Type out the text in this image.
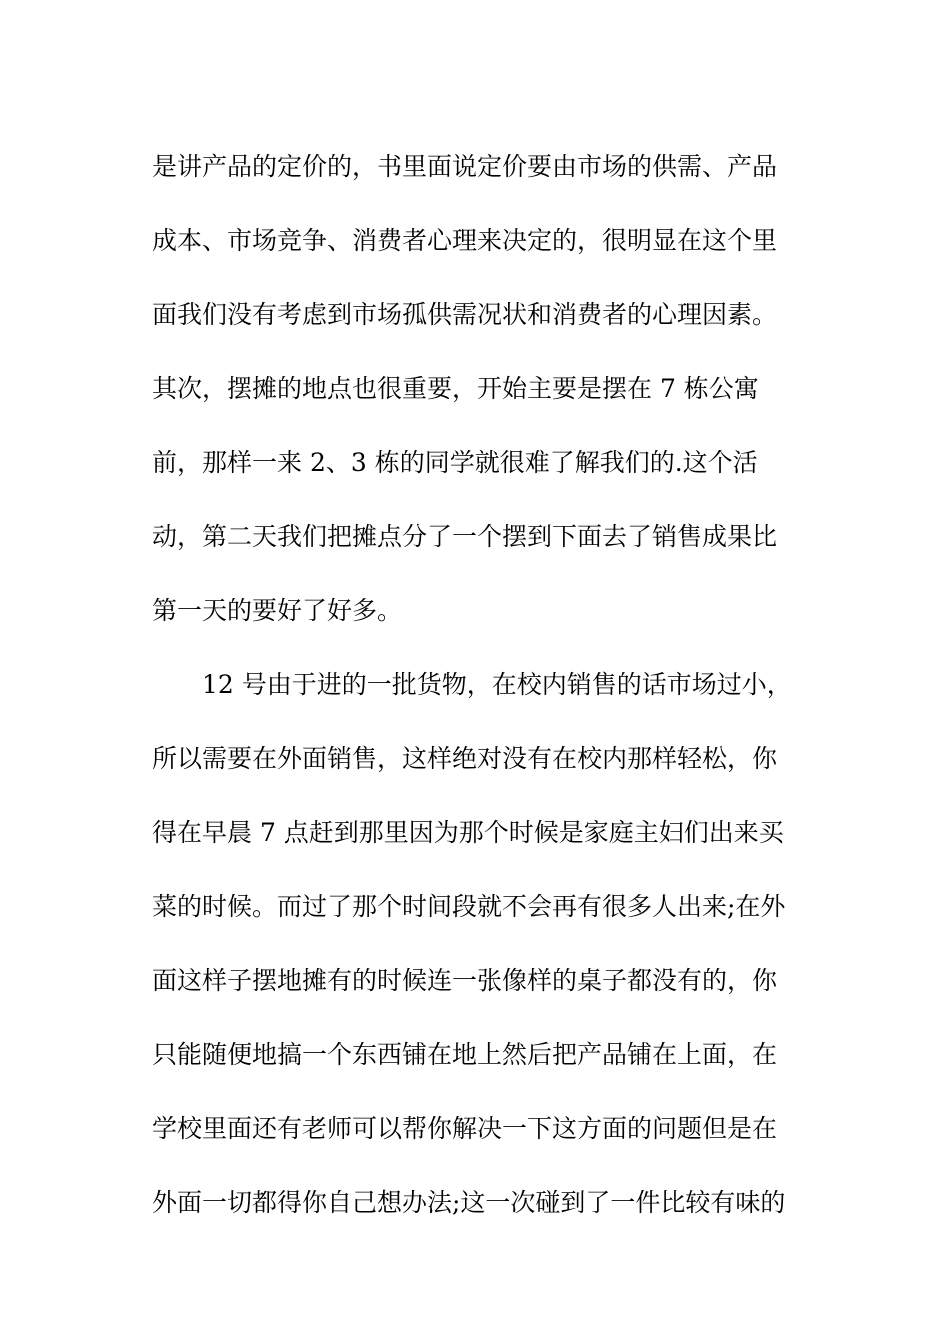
是讲产品的定价的，书里面说定价要由市场的供需、产品
成本、市场竞争、消费者心理来决定的，很明显在这个里
面我们没有考虑到市场孤供需况状和消费者的心理因素。
其次，摆摊的地点也很重要，开始主要是摆在 7 栋公寓
前，那样一来 2、3 栋的同学就很难了解我们的.这个活
动，第二天我们把摊点分了一个摆到下面去了销售成果比
第一天的要好了好多。
12 号由于进的一批货物，在校内销售的话市场过小，
所以需要在外面销售，这样绝对没有在校内那样轻松，你
得在早晨 7 点赶到那里因为那个时候是家庭主妇们出来买
菜的时候。而过了那个时间段就不会再有很多人出来;在外
面这样子摆地摊有的时候连一张像样的桌子都没有的，你
只能随便地搞一个东西铺在地上然后把产品铺在上面，在
学校里面还有老师可以帮你解决一下这方面的问题但是在
外面一切都得你自己想办法;这一次碰到了一件比较有味的
